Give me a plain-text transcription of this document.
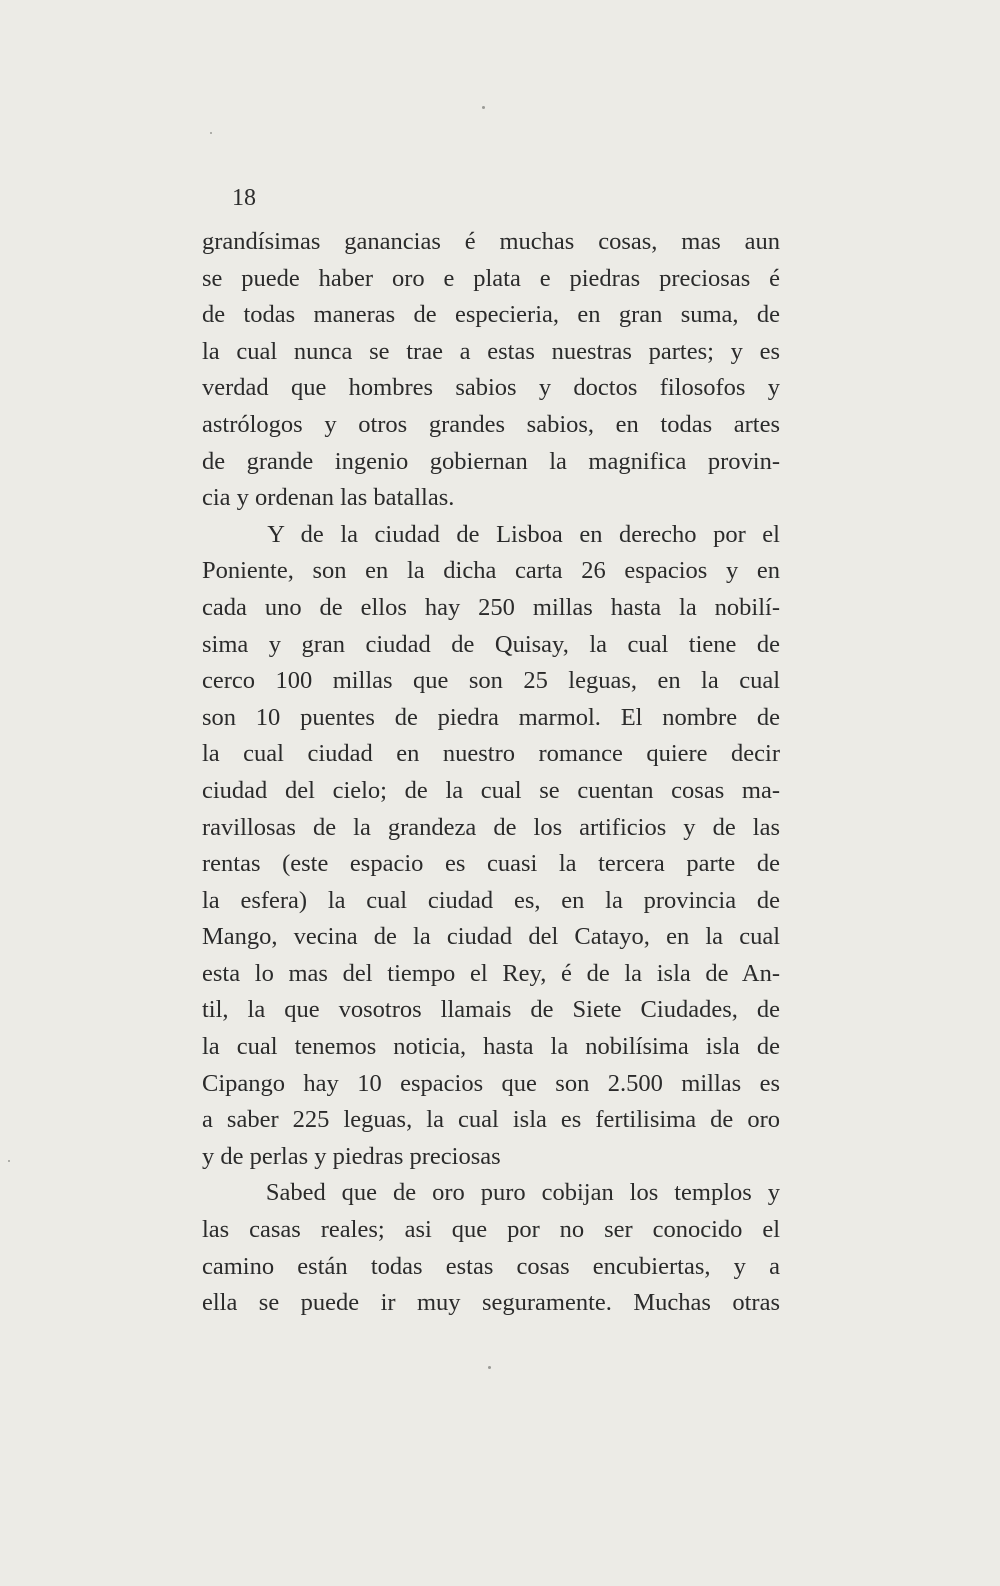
18
grandísimas ganancias é muchas cosas, mas aun
se puede haber oro e plata e piedras preciosas é
de todas maneras de especieria, en gran suma, de
la cual nunca se trae a estas nuestras partes; y es
verdad que hombres sabios y doctos filosofos y
astrólogos y otros grandes sabios, en todas artes
de grande ingenio gobiernan la magnifica provin-
cia y ordenan las batallas.
Y de la ciudad de Lisboa en derecho por el
Poniente, son en la dicha carta 26 espacios y en
cada uno de ellos hay 250 millas hasta la nobilí-
sima y gran ciudad de Quisay, la cual tiene de
cerco 100 millas que son 25 leguas, en la cual
son 10 puentes de piedra marmol. El nombre de
la cual ciudad en nuestro romance quiere decir
ciudad del cielo; de la cual se cuentan cosas ma-
ravillosas de la grandeza de los artificios y de las
rentas (este espacio es cuasi la tercera parte de
la esfera) la cual ciudad es, en la provincia de
Mango, vecina de la ciudad del Catayo, en la cual
esta lo mas del tiempo el Rey, é de la isla de An-
til, la que vosotros llamais de Siete Ciudades, de
la cual tenemos noticia, hasta la nobilísima isla de
Cipango hay 10 espacios que son 2.500 millas es
a saber 225 leguas, la cual isla es fertilisima de oro
y de perlas y piedras preciosas
Sabed que de oro puro cobijan los templos y
las casas reales; asi que por no ser conocido el
camino están todas estas cosas encubiertas, y a
ella se puede ir muy seguramente. Muchas otras
